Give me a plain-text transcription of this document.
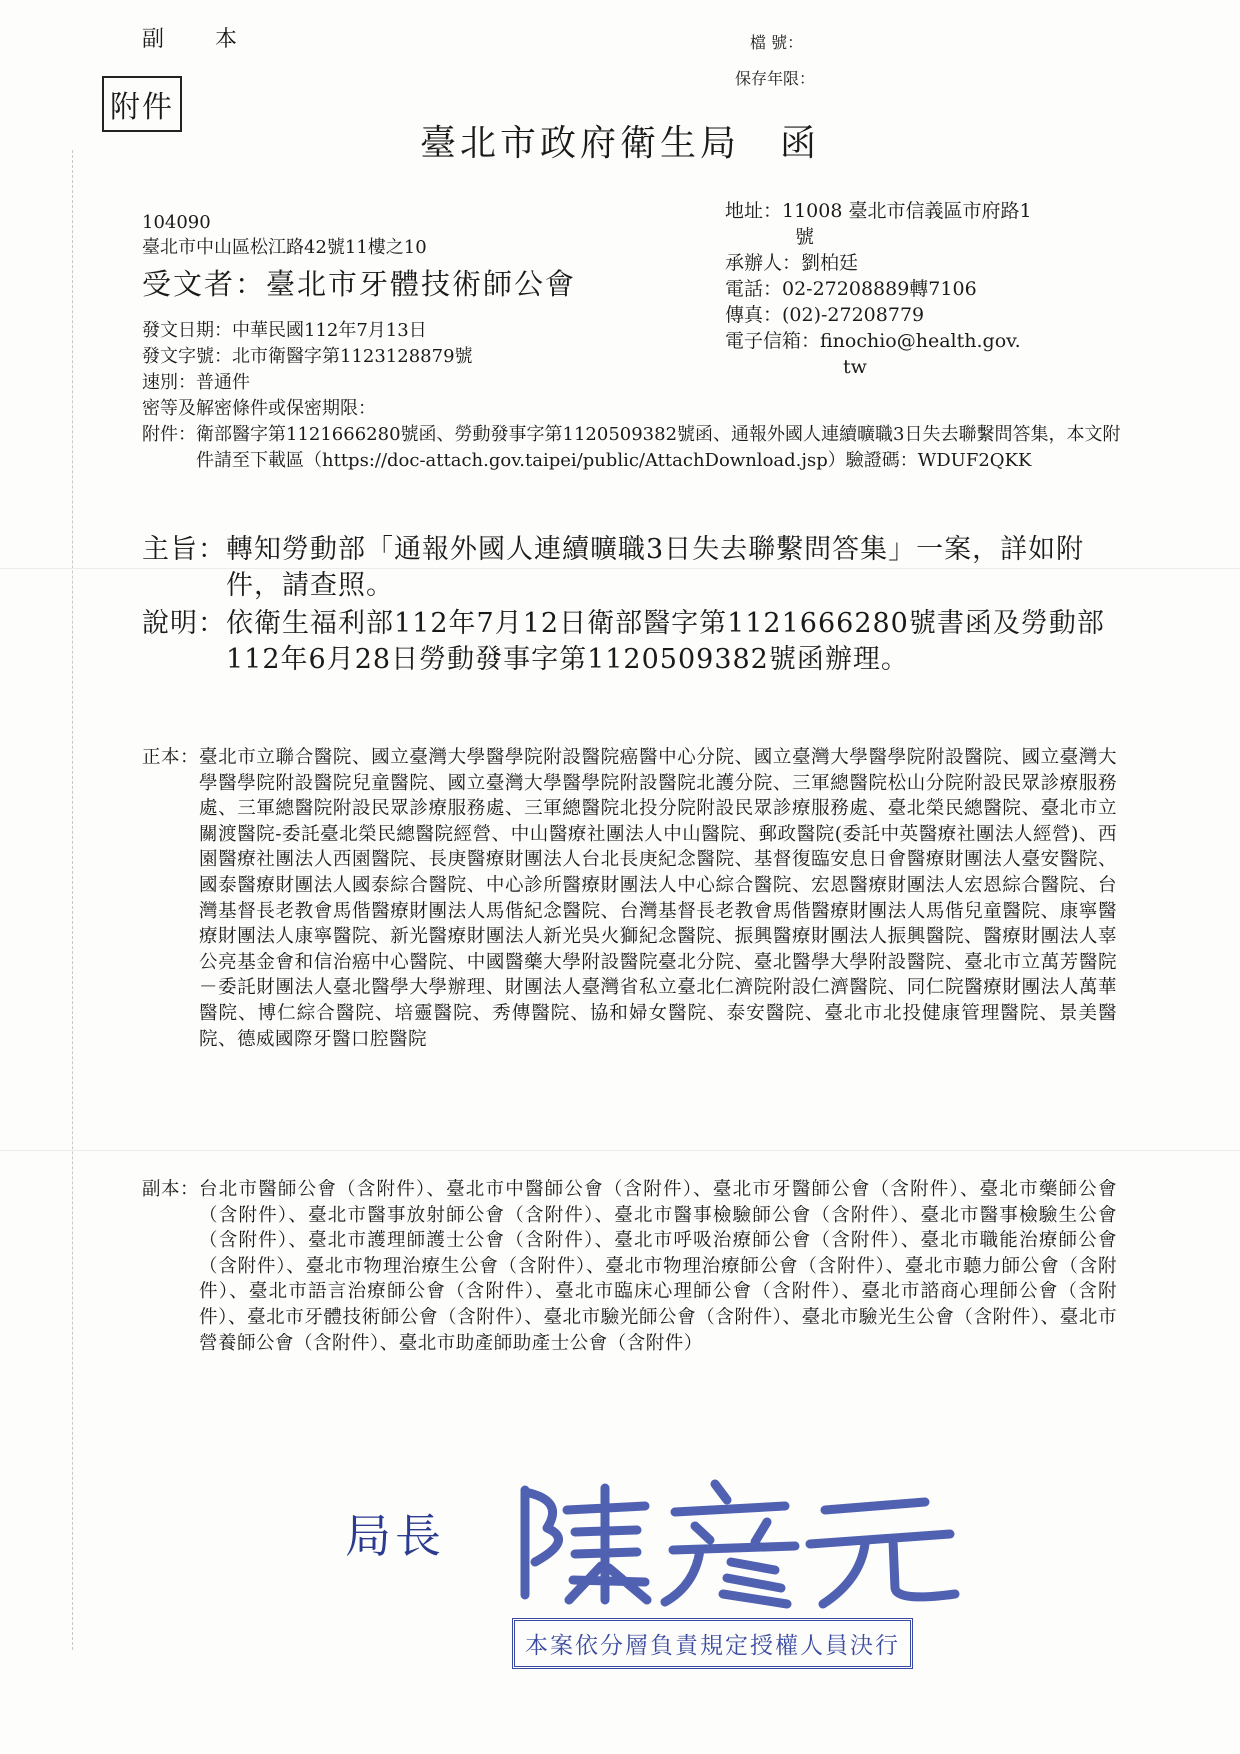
副 本	檔 號：
保存年限：
附件
臺北市政府衛生局　函
104090
臺北市中山區松江路42號11樓之10
受文者：臺北市牙體技術師公會
地址：11008 臺北市信義區市府路1
號
承辦人：劉柏廷
電話：02-27208889轉7106
傳真：(02)-27208779
電子信箱：finochio@health.gov.
tw
發文日期：中華民國112年7月13日
發文字號：北市衛醫字第1123128879號
速別：普通件
密等及解密條件或保密期限：
附件： 衛部醫字第1121666280號函、勞動發事字第1120509382號函、通報外國人連續曠職3日失去聯繫問答集，本文附件請至下載區（https://doc-attach.gov.taipei/public/AttachDownload.jsp）驗證碼：WDUF2QKK
主旨： 轉知勞動部「通報外國人連續曠職3日失去聯繫問答集」一案，詳如附件，請查照。
說明： 依衛生福利部112年7月12日衛部醫字第1121666280號書函及勞動部112年6月28日勞動發事字第1120509382號函辦理。
正本： 臺北市立聯合醫院、國立臺灣大學醫學院附設醫院癌醫中心分院、國立臺灣大學醫學院附設醫院、國立臺灣大學醫學院附設醫院兒童醫院、國立臺灣大學醫學院附設醫院北護分院、三軍總醫院松山分院附設民眾診療服務處、三軍總醫院附設民眾診療服務處、三軍總醫院北投分院附設民眾診療服務處、臺北榮民總醫院、臺北市立關渡醫院-委託臺北榮民總醫院經營、中山醫療社團法人中山醫院、郵政醫院(委託中英醫療社團法人經營)、西園醫療社團法人西園醫院、長庚醫療財團法人台北長庚紀念醫院、基督復臨安息日會醫療財團法人臺安醫院、國泰醫療財團法人國泰綜合醫院、中心診所醫療財團法人中心綜合醫院、宏恩醫療財團法人宏恩綜合醫院、台灣基督長老教會馬偕醫療財團法人馬偕紀念醫院、台灣基督長老教會馬偕醫療財團法人馬偕兒童醫院、康寧醫療財團法人康寧醫院、新光醫療財團法人新光吳火獅紀念醫院、振興醫療財團法人振興醫院、醫療財團法人辜公亮基金會和信治癌中心醫院、中國醫藥大學附設醫院臺北分院、臺北醫學大學附設醫院、臺北市立萬芳醫院－委託財團法人臺北醫學大學辦理、財團法人臺灣省私立臺北仁濟院附設仁濟醫院、同仁院醫療財團法人萬華醫院、博仁綜合醫院、培靈醫院、秀傳醫院、協和婦女醫院、泰安醫院、臺北市北投健康管理醫院、景美醫院、德威國際牙醫口腔醫院
副本： 台北市醫師公會（含附件）、臺北市中醫師公會（含附件）、臺北市牙醫師公會（含附件）、臺北市藥師公會（含附件）、臺北市醫事放射師公會（含附件）、臺北市醫事檢驗師公會（含附件）、臺北市醫事檢驗生公會（含附件）、臺北市護理師護士公會（含附件）、臺北市呼吸治療師公會（含附件）、臺北市職能治療師公會（含附件）、臺北市物理治療生公會（含附件）、臺北市物理治療師公會（含附件）、臺北市聽力師公會（含附件）、臺北市語言治療師公會（含附件）、臺北市臨床心理師公會（含附件）、臺北市諮商心理師公會（含附件）、臺北市牙體技術師公會（含附件）、臺北市驗光師公會（含附件）、臺北市驗光生公會（含附件）、臺北市營養師公會（含附件）、臺北市助產師助產士公會（含附件）
局長
陳彥元
本案依分層負責規定授權人員決行
